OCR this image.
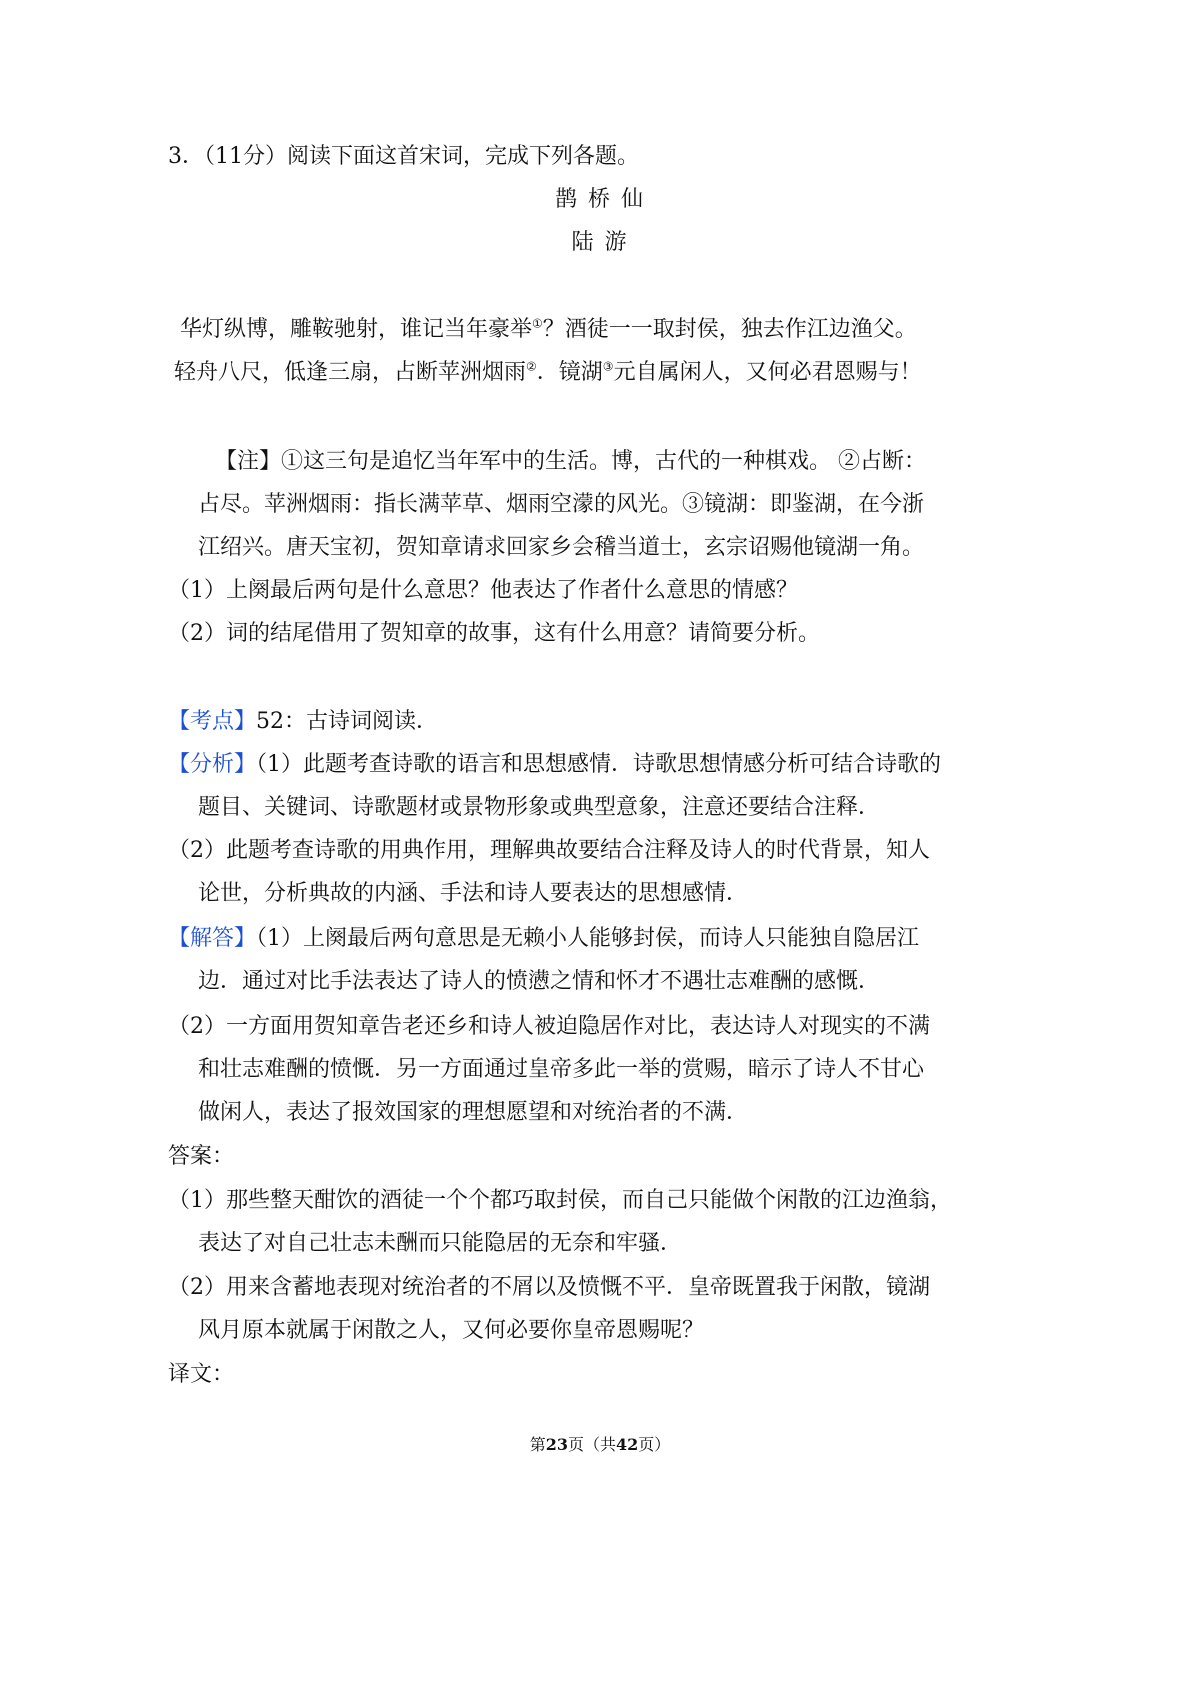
3．（11分）阅读下面这首宋词，完成下列各题。
鹊 桥 仙
陆 游
华灯纵博，雕鞍驰射，谁记当年豪举①？酒徒一一取封侯，独去作江边渔父。
轻舟八尺，低逢三扇，占断苹洲烟雨②．镜湖③元自属闲人，又何必君恩赐与！
【注】①这三句是追忆当年军中的生活。博，古代的一种棋戏。 ②占断：
占尽。苹洲烟雨：指长满苹草、烟雨空濛的风光。③镜湖：即鉴湖，在今浙
江绍兴。唐天宝初，贺知章请求回家乡会稽当道士，玄宗诏赐他镜湖一角。
（1）上阕最后两句是什么意思？他表达了作者什么意思的情感？
（2）词的结尾借用了贺知章的故事，这有什么用意？请简要分析。
【考点】52：古诗词阅读．
【分析】（1）此题考查诗歌的语言和思想感情．诗歌思想情感分析可结合诗歌的
题目、关键词、诗歌题材或景物形象或典型意象，注意还要结合注释．
（2）此题考查诗歌的用典作用，理解典故要结合注释及诗人的时代背景，知人
论世，分析典故的内涵、手法和诗人要表达的思想感情．
【解答】（1）上阕最后两句意思是无赖小人能够封侯，而诗人只能独自隐居江
边．通过对比手法表达了诗人的愤懑之情和怀才不遇壮志难酬的感慨．
（2）一方面用贺知章告老还乡和诗人被迫隐居作对比，表达诗人对现实的不满
和壮志难酬的愤慨．另一方面通过皇帝多此一举的赏赐，暗示了诗人不甘心
做闲人，表达了报效国家的理想愿望和对统治者的不满．
答案：
（1）那些整天酣饮的酒徒一个个都巧取封侯，而自己只能做个闲散的江边渔翁，
表达了对自己壮志未酬而只能隐居的无奈和牢骚．
（2）用来含蓄地表现对统治者的不屑以及愤慨不平．皇帝既置我于闲散，镜湖
风月原本就属于闲散之人，又何必要你皇帝恩赐呢？
译文：
第23页（共42页）
